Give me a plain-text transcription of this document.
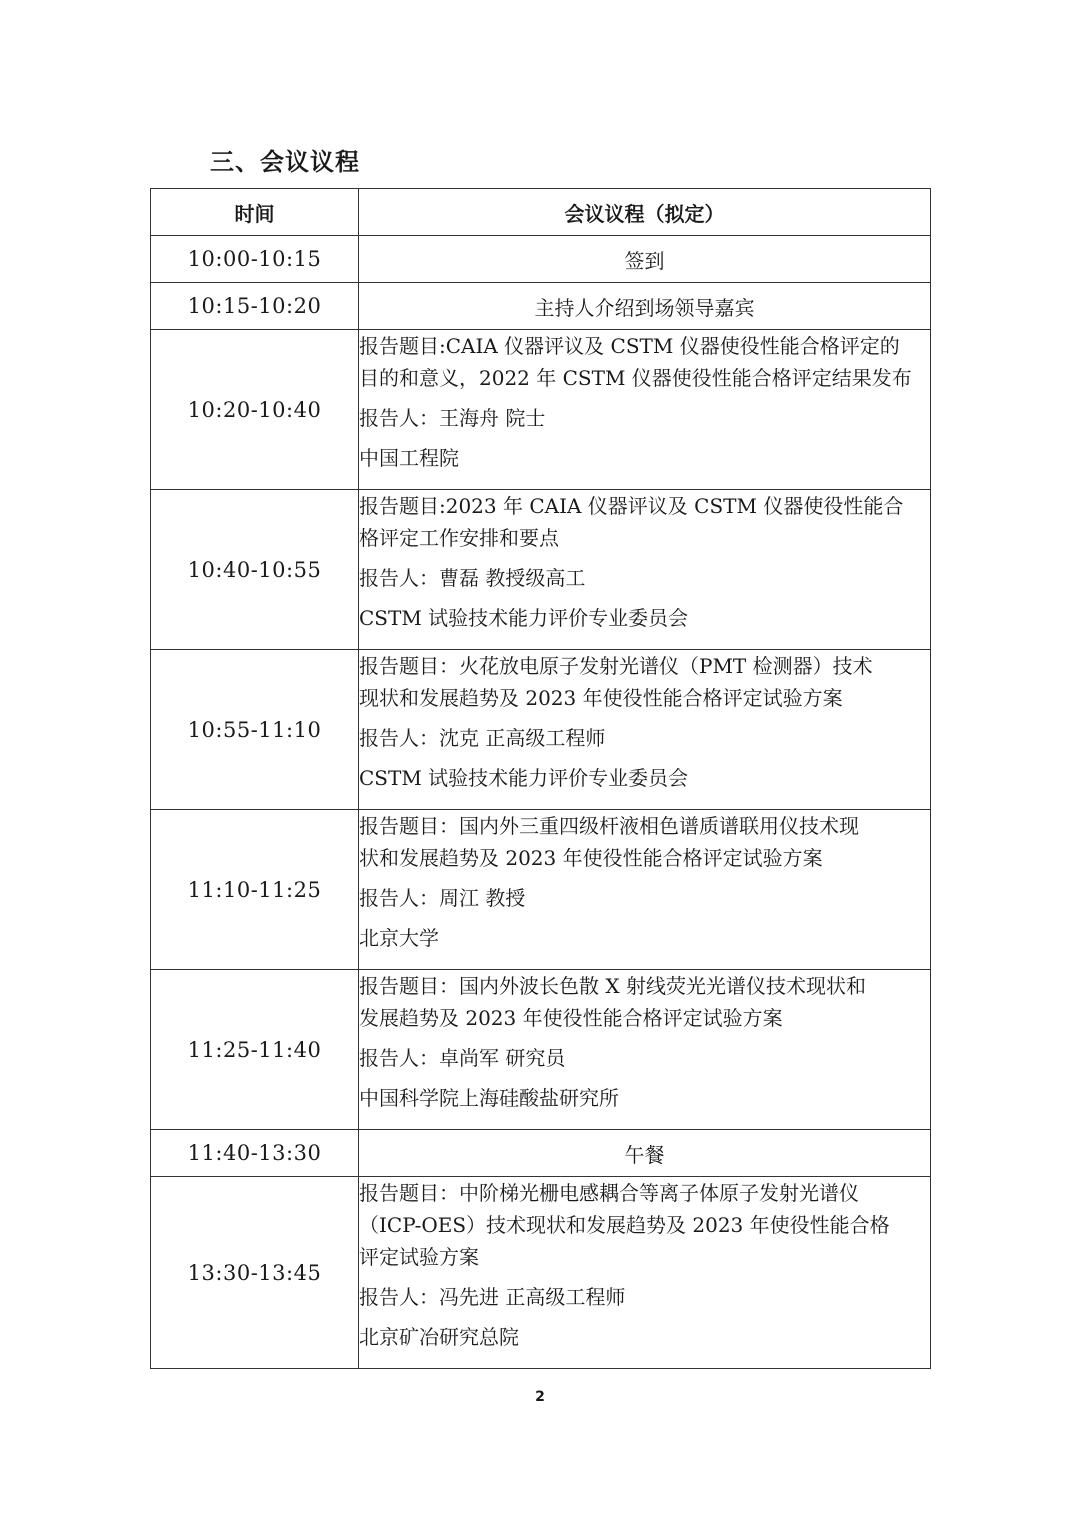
三、会议议程
时间	会议议程（拟定）
10:00-10:15	签到
10:15-10:20	主持人介绍到场领导嘉宾
10:20-10:40	报告题目:CAIA 仪器评议及 CSTM 仪器使役性能合格评定的
目的和意义，2022 年 CSTM 仪器使役性能合格评定结果发布
报告人：王海舟 院士
中国工程院

10:40-10:55	报告题目:2023 年 CAIA 仪器评议及 CSTM 仪器使役性能合
格评定工作安排和要点
报告人：曹磊 教授级高工
CSTM 试验技术能力评价专业委员会

10:55-11:10	报告题目：火花放电原子发射光谱仪（PMT 检测器）技术
现状和发展趋势及 2023 年使役性能合格评定试验方案
报告人：沈克 正高级工程师
CSTM 试验技术能力评价专业委员会

11:10-11:25	报告题目：国内外三重四级杆液相色谱质谱联用仪技术现
状和发展趋势及 2023 年使役性能合格评定试验方案
报告人：周江 教授
北京大学

11:25-11:40	报告题目：国内外波长色散 X 射线荧光光谱仪技术现状和
发展趋势及 2023 年使役性能合格评定试验方案
报告人：卓尚军 研究员
中国科学院上海硅酸盐研究所

11:40-13:30	午餐
13:30-13:45	报告题目：中阶梯光栅电感耦合等离子体原子发射光谱仪
（ICP-OES）技术现状和发展趋势及 2023 年使役性能合格
评定试验方案
报告人：冯先进 正高级工程师
北京矿冶研究总院
2
